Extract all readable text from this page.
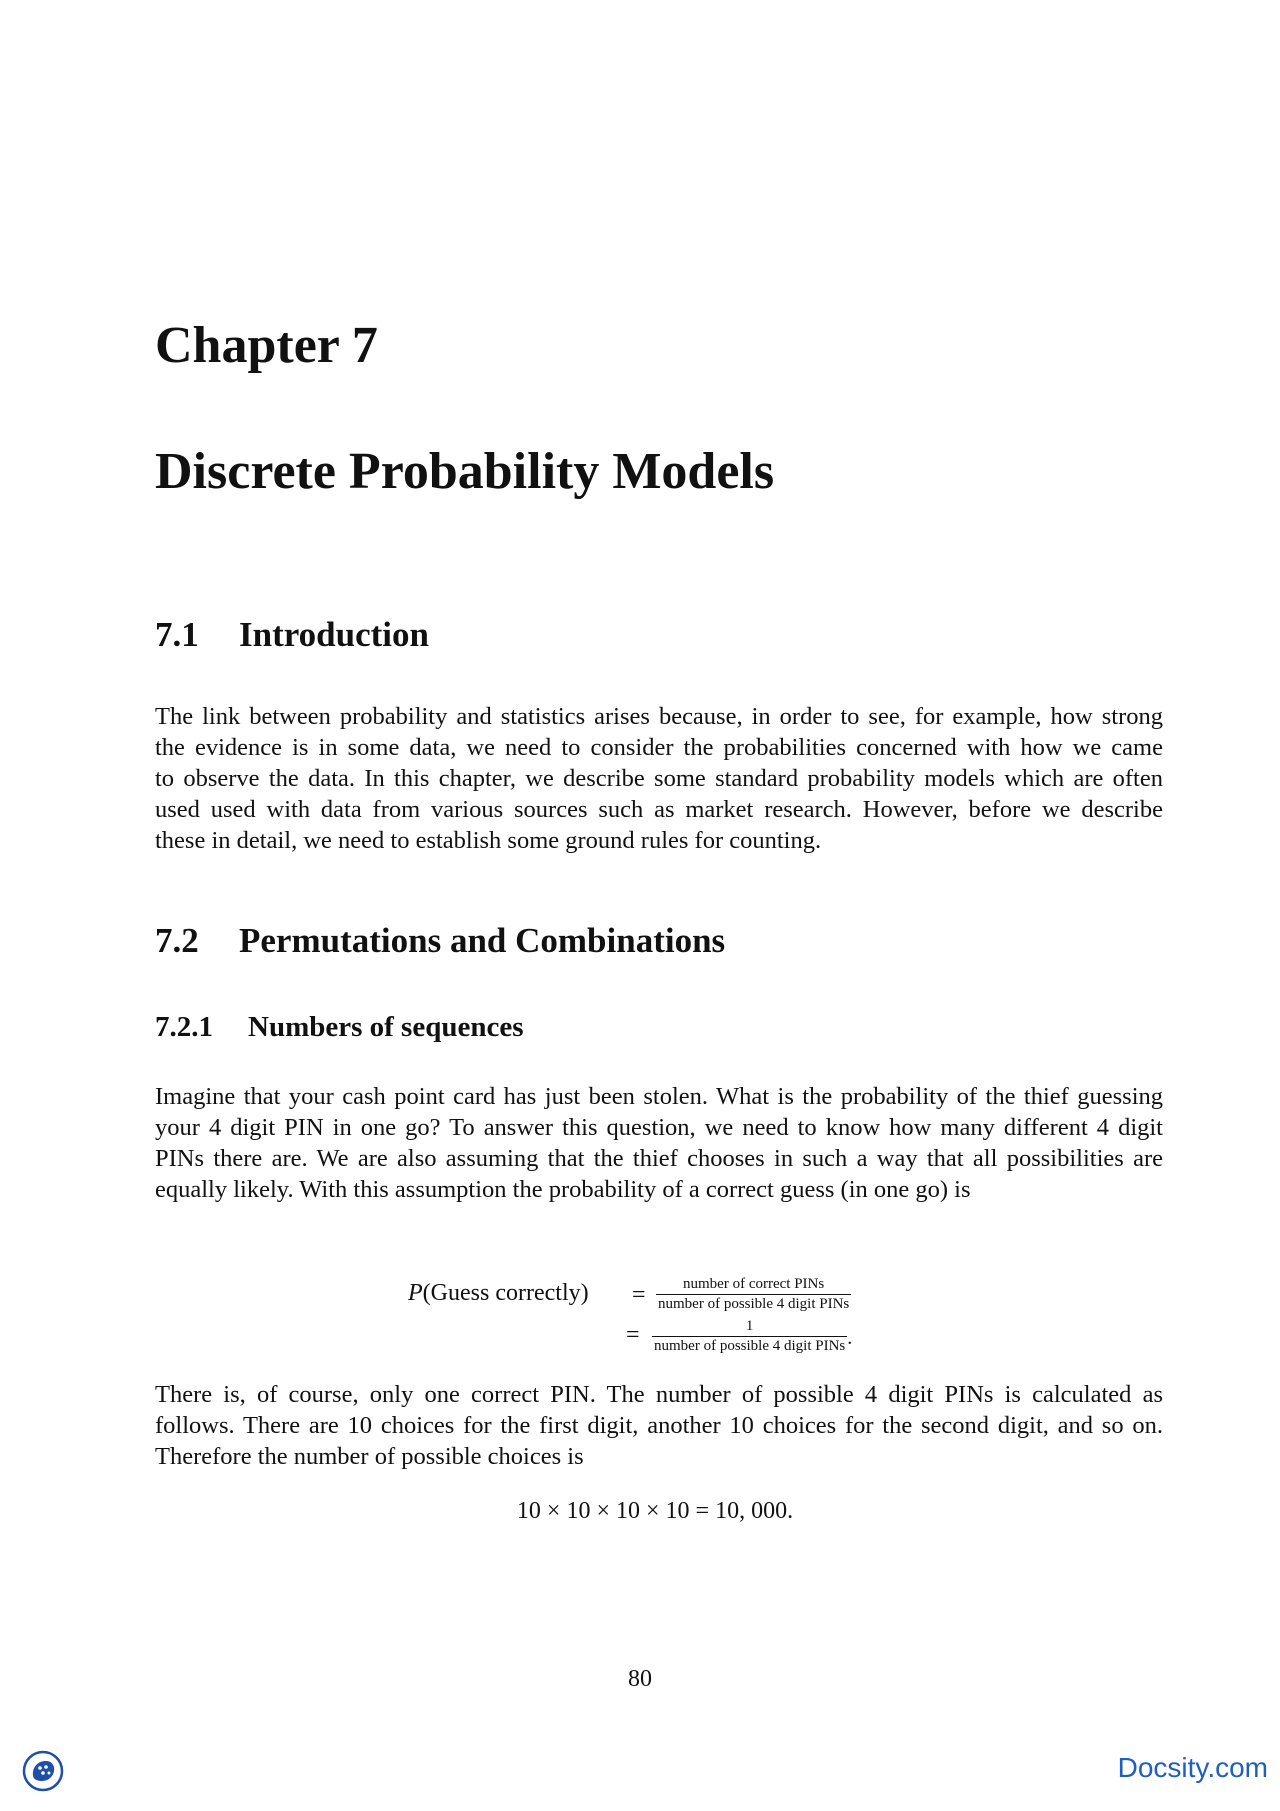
Chapter 7
Discrete Probability Models
7.1 Introduction
The link between probability and statistics arises because, in order to see, for example, how strong
the evidence is in some data, we need to consider the probabilities concerned with how we came
to observe the data. In this chapter, we describe some standard probability models which are often
used used with data from various sources such as market research. However, before we describe
these in detail, we need to establish some ground rules for counting.
7.2 Permutations and Combinations
7.2.1 Numbers of sequences
Imagine that your cash point card has just been stolen. What is the probability of the thief guessing
your 4 digit PIN in one go? To answer this question, we need to know how many different 4 digit
PINs there are. We are also assuming that the thief chooses in such a way that all possibilities are
equally likely. With this assumption the probability of a correct guess (in one go) is
P(Guess correctly) = $\frac{\text{number of correct PINs}}{\text{number of possible 4 digit PINs}}$
= $\frac{1}{\text{number of possible 4 digit PINs}}$ .
There is, of course, only one correct PIN. The number of possible 4 digit PINs is calculated as
follows. There are 10 choices for the first digit, another 10 choices for the second digit, and so on.
Therefore the number of possible choices is
10 × 10 × 10 × 10 = 10, 000.
80
Docsity.com
